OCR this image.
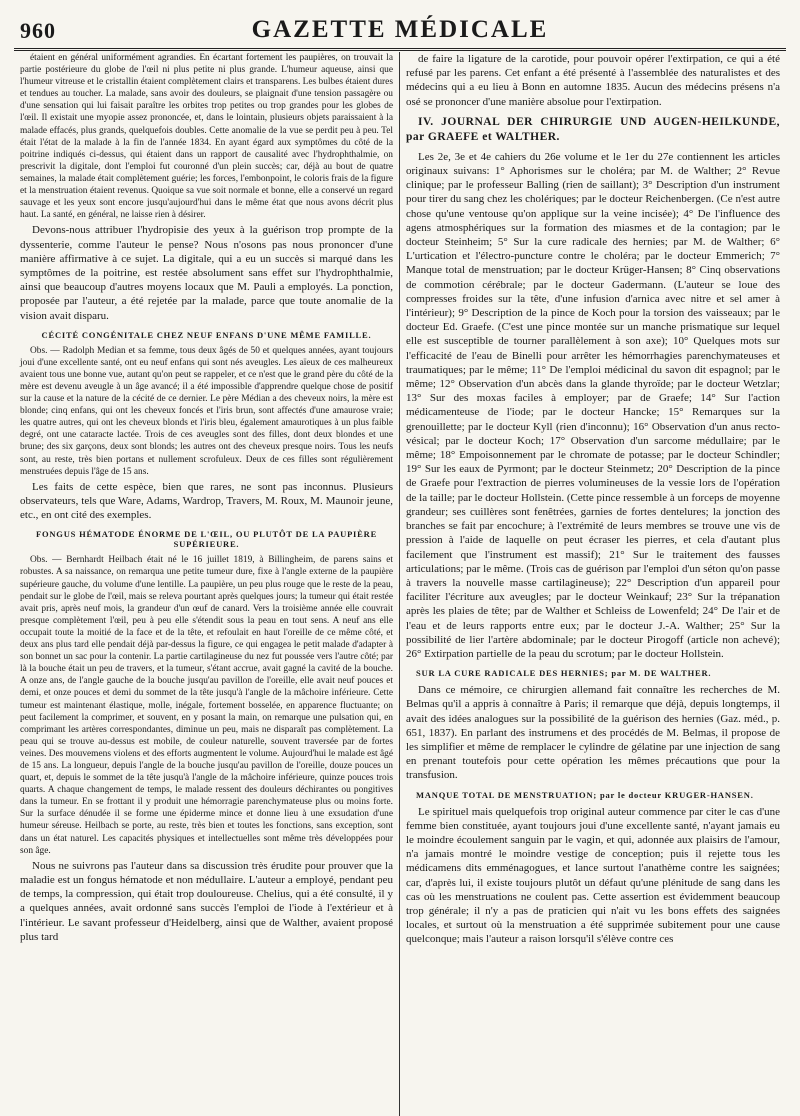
960	GAZETTE MÉDICALE

étaient en général uniformément agrandies. En écartant fortement les paupières, on trouvait la partie postérieure du globe de l'œil ni plus petite ni plus grande. L'humeur aqueuse, ainsi que l'humeur vitreuse et le cristallin étaient complètement clairs et transparens. Les bulbes étaient dures et tendues au toucher. La malade, sans avoir des douleurs, se plaignait d'une tension passagère ou d'une sensation qui lui faisait paraître les orbites trop petites ou trop grandes pour les globes de l'œil. Il existait une myopie assez prononcée, et, dans le lointain, plusieurs objets paraissaient à la malade effacés, plus grands, quelquefois doubles. Cette anomalie de la vue se perdit peu à peu. Tel était l'état de la malade à la fin de l'année 1834. En ayant égard aux symptômes du côté de la poitrine indiqués ci-dessus, qui étaient dans un rapport de causalité avec l'hydrophthalmie, on prescrivit la digitale, dont l'emploi fut couronné d'un plein succès; car, déjà au bout de quatre semaines, la malade était complètement guérie; les forces, l'embonpoint, le coloris frais de la figure et la menstruation étaient revenus. Quoique sa vue soit normale et bonne, elle a conservé un regard sauvage et les yeux sont encore jusqu'aujourd'hui dans le même état que nous avons décrit plus haut. La santé, en général, ne laisse rien à désirer.

Devons-nous attribuer l'hydropisie des yeux à la guérison trop prompte de la dyssenterie, comme l'auteur le pense? Nous n'osons pas nous prononcer d'une manière affirmative à ce sujet. La digitale, qui a eu un succès si marqué dans les symptômes de la poitrine, est restée absolument sans effet sur l'hydrophthalmie, ainsi que beaucoup d'autres moyens locaux que M. Pauli a employés. La ponction, proposée par l'auteur, a été rejetée par la malade, parce que toute anomalie de la vision avait disparu.

CÉCITÉ CONGÉNITALE CHEZ NEUF ENFANS D'UNE MÊME FAMILLE.

Obs. — Radolph Median et sa femme, tous deux âgés de 50 et quelques années, ayant toujours joui d'une excellente santé, ont eu neuf enfans qui sont nés aveugles. Les aïeux de ces malheureux avaient tous une bonne vue, autant qu'on peut se rappeler, et ce n'est que le grand père du côté de la mère est devenu aveugle à un âge avancé; il a été impossible d'apprendre quelque chose de positif sur la cause et la nature de la cécité de ce dernier. Le père Médian a des cheveux noirs, la mère est blonde; cinq enfans, qui ont les cheveux foncés et l'iris brun, sont affectés d'une amaurose vraie; les quatre autres, qui ont les cheveux blonds et l'iris bleu, également amaurotiques à un plus faible degré, ont une cataracte lactée. Trois de ces aveugles sont des filles, dont deux blondes et une brune; des six garçons, deux sont blonds; les autres ont des cheveux presque noirs. Tous les neufs sont, au reste, très bien portans et nullement scrofuleux. Deux de ces filles sont régulièrement menstruées depuis l'âge de 15 ans.

Les faits de cette espèce, bien que rares, ne sont pas inconnus. Plusieurs observateurs, tels que Ware, Adams, Wardrop, Travers, M. Roux, M. Maunoir jeune, etc., en ont cité des exemples.

FONGUS HÉMATODE ÉNORME DE L'ŒIL, OU PLUTÔT DE LA PAUPIÈRE SUPÉRIEURE.

Obs. — Bernhardt Heilbach était né le 16 juillet 1819, à Billingheim, de parens sains et robustes. A sa naissance, on remarqua une petite tumeur dure, fixe à l'angle externe de la paupière supérieure gauche, du volume d'une lentille. La paupière, un peu plus rouge que le reste de la peau, pendait sur le globe de l'œil, mais se releva pourtant après quelques jours; la tumeur qui était restée avait pris, après neuf mois, la grandeur d'un œuf de canard. Vers la troisième année elle couvrait presque complètement l'œil, peu à peu elle s'étendit sous la peau en tout sens. A neuf ans elle occupait toute la moitié de la face et de la tête, et refoulait en haut l'oreille de ce même côté, et deux ans plus tard elle pendait déjà par-dessus la figure, ce qui engagea le petit malade d'adapter à son bonnet un sac pour la contenir. La partie cartilagineuse du nez fut poussée vers l'autre côté; par là la bouche était un peu de travers, et la tumeur, s'étant accrue, avait gagné la cavité de la bouche. A onze ans, de l'angle gauche de la bouche jusqu'au pavillon de l'oreille, elle avait neuf pouces et demi, et onze pouces et demi du sommet de la tête jusqu'à l'angle de la mâchoire inférieure. Cette tumeur est maintenant élastique, molle, inégale, fortement bosselée, en apparence fluctuante; on peut facilement la comprimer, et souvent, en y posant la main, on remarque une pulsation qui, en comprimant les artères correspondantes, diminue un peu, mais ne disparaît pas complètement. La peau qui se trouve au-dessus est mobile, de couleur naturelle, souvent traversée par de fortes veines. Des mouvemens violens et des efforts augmentent le volume. Aujourd'hui le malade est âgé de 15 ans. La longueur, depuis l'angle de la bouche jusqu'au pavillon de l'oreille, douze pouces un quart, et, depuis le sommet de la tête jusqu'à l'angle de la mâchoire inférieure, quinze pouces trois quarts. A chaque changement de temps, le malade ressent des douleurs déchirantes ou pongitives dans la tumeur. En se frottant il y produit une hémorragie parenchymateuse plus ou moins forte. Sur la surface dénudée il se forme une épiderme mince et donne lieu à une exsudation d'une humeur séreuse. Heilbach se porte, au reste, très bien et toutes les fonctions, sans exception, sont dans un état naturel. Les capacités physiques et intellectuelles sont même très développées pour son âge.

Nous ne suivrons pas l'auteur dans sa discussion très érudite pour prouver que la maladie est un fongus hématode et non médullaire. L'auteur a employé, pendant peu de temps, la compression, qui était trop douloureuse. Chelius, qui a été consulté, il y a quelques années, avait ordonné sans succès l'emploi de l'iode à l'extérieur et à l'intérieur. Le savant professeur d'Heidelberg, ainsi que de Walther, avaient proposé plus tard

de faire la ligature de la carotide, pour pouvoir opérer l'extirpation, ce qui a été refusé par les parens. Cet enfant a été présenté à l'assemblée des naturalistes et des médecins qui a eu lieu à Bonn en automne 1835. Aucun des médecins présens n'a osé se prononcer d'une manière absolue pour l'extirpation.

IV. JOURNAL DER CHIRURGIE UND AUGEN-HEILKUNDE, par GRAEFE et WALTHER.

Les 2e, 3e et 4e cahiers du 26e volume et le 1er du 27e contiennent les articles originaux suivans: 1° Aphorismes sur le choléra; par M. de Walther; 2° Revue clinique; par le professeur Balling (rien de saillant); 3° Description d'un instrument pour tirer du sang chez les cholériques; par le docteur Reichenbergen. (Ce n'est autre chose qu'une ventouse qu'on applique sur la veine incisée); 4° De l'influence des agens atmosphériques sur la formation des miasmes et de la contagion; par le docteur Steinheim; 5° Sur la cure radicale des hernies; par M. de Walther; 6° L'urtication et l'électro-puncture contre le choléra; par le docteur Emmerich; 7° Manque total de menstruation; par le docteur Krüger-Hansen; 8° Cinq observations de commotion cérébrale; par le docteur Gadermann. (L'auteur se loue des compresses froides sur la tête, d'une infusion d'arnica avec nitre et sel amer à l'intérieur); 9° Description de la pince de Koch pour la torsion des vaisseaux; par le docteur Ed. Graefe. (C'est une pince montée sur un manche prismatique sur lequel elle est susceptible de tourner parallèlement à son axe); 10° Quelques mots sur l'efficacité de l'eau de Binelli pour arrêter les hémorrhagies parenchymateuses et traumatiques; par le même; 11° De l'emploi médicinal du savon dit espagnol; par le même; 12° Observation d'un abcès dans la glande thyroïde; par le docteur Wetzlar; 13° Sur des moxas faciles à employer; par de Graefe; 14° Sur l'action médicamenteuse de l'iode; par le docteur Hancke; 15° Remarques sur la grenouillette; par le docteur Kyll (rien d'inconnu); 16° Observation d'un anus recto-vésical; par le docteur Koch; 17° Observation d'un sarcome médullaire; par le même; 18° Empoisonnement par le chromate de potasse; par le docteur Schindler; 19° Sur les eaux de Pyrmont; par le docteur Steinmetz; 20° Description de la pince de Graefe pour l'extraction de pierres volumineuses de la vessie lors de l'opération de la taille; par le docteur Hollstein. (Cette pince ressemble à un forceps de moyenne grandeur; ses cuillères sont fenêtrées, garnies de fortes dentelures; la jonction des branches se fait par encochure; à l'extrémité de leurs membres se trouve une vis de pression à l'aide de laquelle on peut écraser les pierres, et cela d'autant plus facilement que l'instrument est massif); 21° Sur le traitement des fausses articulations; par le même. (Trois cas de guérison par l'emploi d'un séton qu'on passe à travers la nouvelle masse cartilagineuse); 22° Description d'un appareil pour faciliter l'écriture aux aveugles; par le docteur Weinkauf; 23° Sur la trépanation après les plaies de tête; par de Walther et Schleiss de Lowenfeld; 24° De l'air et de l'eau et de leurs rapports entre eux; par le docteur J.-A. Walther; 25° Sur la possibilité de lier l'artère abdominale; par le docteur Pirogoff (article non achevé); 26° Extirpation partielle de la peau du scrotum; par le docteur Hollstein.

SUR LA CURE RADICALE DES HERNIES; par M. DE WALTHER.

Dans ce mémoire, ce chirurgien allemand fait connaître les recherches de M. Belmas qu'il a appris à connaître à Paris; il remarque que déjà, depuis longtemps, il avait des idées analogues sur la possibilité de la guérison des hernies (Gaz. méd., p. 651, 1837). En parlant des instrumens et des procédés de M. Belmas, il propose de les simplifier et même de remplacer le cylindre de gélatine par une injection de sang en prenant toutefois pour cette opération les mêmes précautions que pour la transfusion.

MANQUE TOTAL DE MENSTRUATION; par le docteur KRUGER-HANSEN.

Le spirituel mais quelquefois trop original auteur commence par citer le cas d'une femme bien constituée, ayant toujours joui d'une excellente santé, n'ayant jamais eu le moindre écoulement sanguin par le vagin, et qui, adonnée aux plaisirs de l'amour, n'a jamais montré le moindre vestige de conception; puis il rejette tous les médicamens dits emménagogues, et lance surtout l'anathème contre les saignées; car, d'après lui, il existe toujours plutôt un défaut qu'une plénitude de sang dans les cas où les menstruations ne coulent pas. Cette assertion est évidemment beaucoup trop générale; il n'y a pas de praticien qui n'ait vu les bons effets des saignées locales, et surtout où la menstruation a été supprimée subitement pour une cause quelconque; mais l'auteur a raison lorsqu'il s'élève contre ces
